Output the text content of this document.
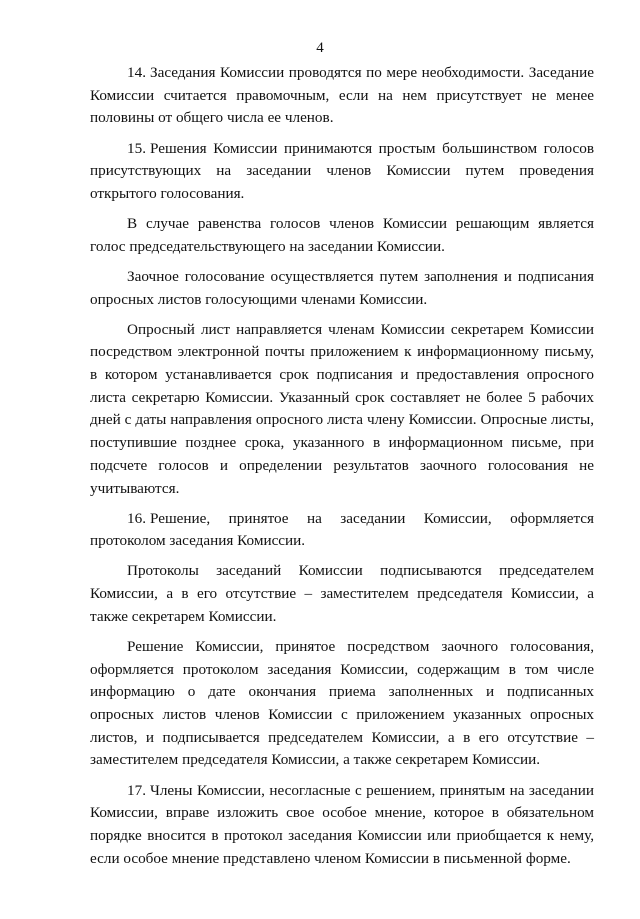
4

14. Заседания Комиссии проводятся по мере необходимости. Заседание Комиссии считается правомочным, если на нем присутствует не менее половины от общего числа ее членов.

15. Решения Комиссии принимаются простым большинством голосов присутствующих на заседании членов Комиссии путем проведения открытого голосования.

В случае равенства голосов членов Комиссии решающим является голос председательствующего на заседании Комиссии.

Заочное голосование осуществляется путем заполнения и подписания опросных листов голосующими членами Комиссии.

Опросный лист направляется членам Комиссии секретарем Комиссии посредством электронной почты приложением к информационному письму, в котором устанавливается срок подписания и предоставления опросного листа секретарю Комиссии. Указанный срок составляет не более 5 рабочих дней с даты направления опросного листа члену Комиссии. Опросные листы, поступившие позднее срока, указанного в информационном письме, при подсчете голосов и определении результатов заочного голосования не учитываются.

16. Решение, принятое на заседании Комиссии, оформляется протоколом заседания Комиссии.

Протоколы заседаний Комиссии подписываются председателем Комиссии, а в его отсутствие – заместителем председателя Комиссии, а также секретарем Комиссии.

Решение Комиссии, принятое посредством заочного голосования, оформляется протоколом заседания Комиссии, содержащим в том числе информацию о дате окончания приема заполненных и подписанных опросных листов членов Комиссии с приложением указанных опросных листов, и подписывается председателем Комиссии, а в его отсутствие – заместителем председателя Комиссии, а также секретарем Комиссии.

17. Члены Комиссии, несогласные с решением, принятым на заседании Комиссии, вправе изложить свое особое мнение, которое в обязательном порядке вносится в протокол заседания Комиссии или приобщается к нему, если особое мнение представлено членом Комиссии в письменной форме.
